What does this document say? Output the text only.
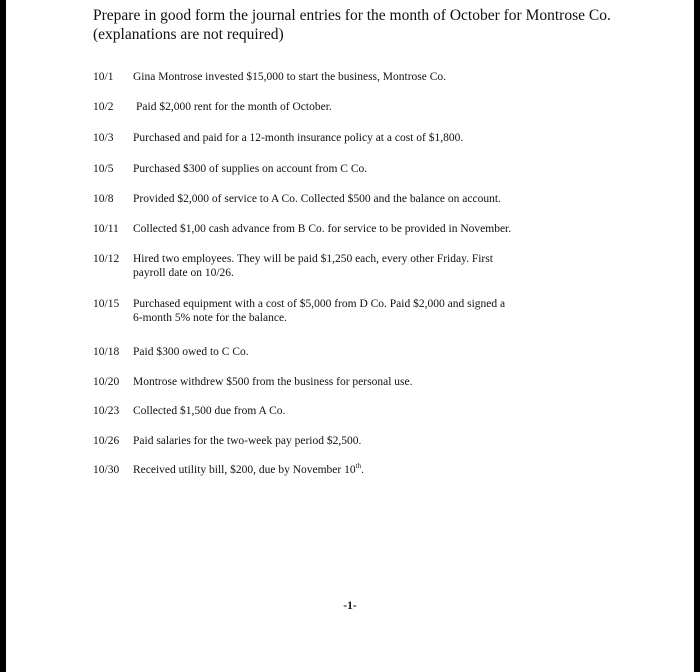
Prepare in good form the journal entries for the month of October for Montrose Co.
(explanations are not required)
10/1	Gina Montrose invested $15,000 to start the business, Montrose Co.
10/2	Paid $2,000 rent for the month of October.
10/3	Purchased and paid for a 12-month insurance policy at a cost of $1,800.
10/5	Purchased $300 of supplies on account from C Co.
10/8	Provided $2,000 of service to A Co. Collected $500 and the balance on account.
10/11	Collected $1,00 cash advance from B Co. for service to be provided in November.
10/12	Hired two employees. They will be paid $1,250 each, every other Friday. First
payroll date on 10/26.
10/15	Purchased equipment with a cost of $5,000 from D Co. Paid $2,000 and signed a
6-month 5% note for the balance.
10/18	Paid $300 owed to C Co.
10/20	Montrose withdrew $500 from the business for personal use.
10/23	Collected $1,500 due from A Co.
10/26	Paid salaries for the two-week pay period $2,500.
10/30	Received utility bill, $200, due by November 10th.
-1-
